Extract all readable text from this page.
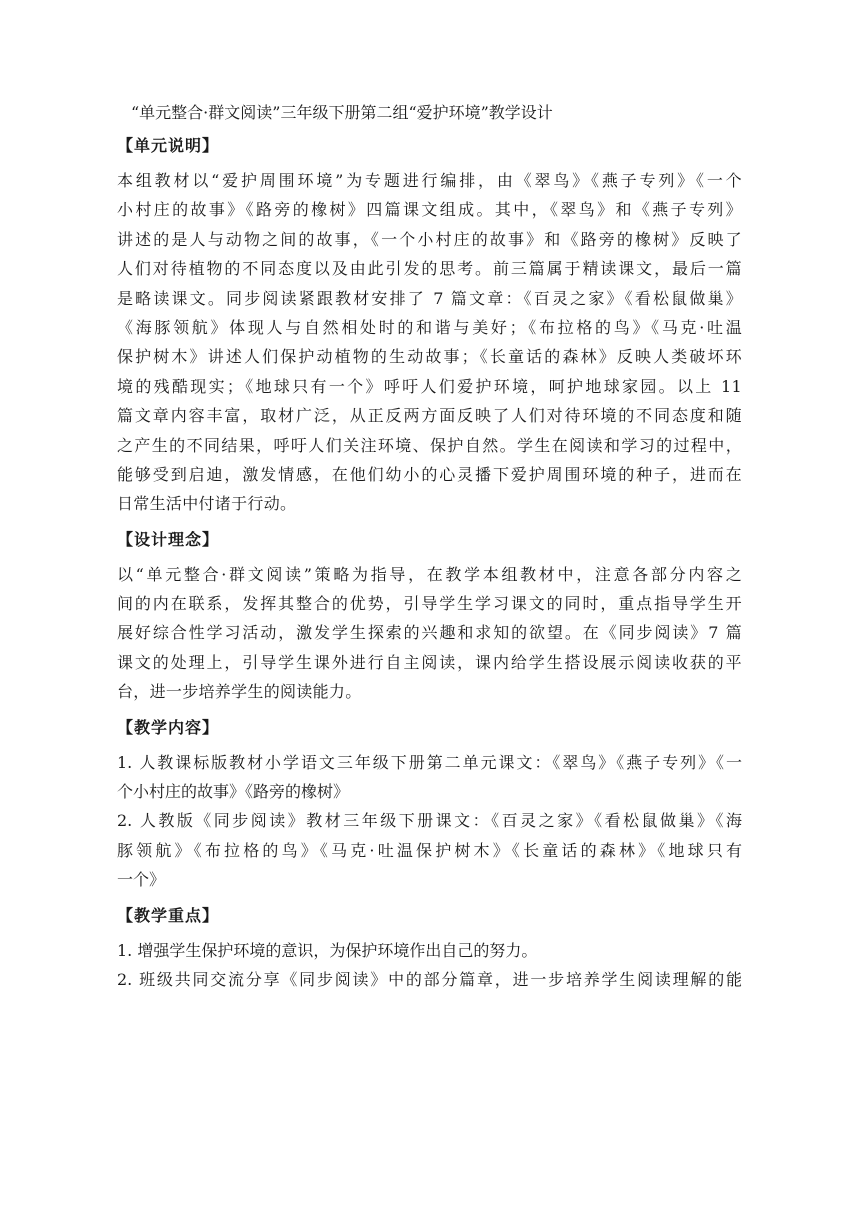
“单元整合·群文阅读”三年级下册第二组“爱护环境”教学设计
【单元说明】
本组教材以“爱护周围环境”为专题进行编排，由《翠鸟》《燕子专列》《一个
小村庄的故事》《路旁的橡树》四篇课文组成。其中，《翠鸟》和《燕子专列》
讲述的是人与动物之间的故事，《一个小村庄的故事》和《路旁的橡树》反映了
人们对待植物的不同态度以及由此引发的思考。前三篇属于精读课文，最后一篇
是略读课文。同步阅读紧跟教材安排了 7 篇文章：《百灵之家》《看松鼠做巢》
《海豚领航》体现人与自然相处时的和谐与美好；《布拉格的鸟》《马克·吐温
保护树木》讲述人们保护动植物的生动故事；《长童话的森林》反映人类破坏环
境的残酷现实；《地球只有一个》呼吁人们爱护环境，呵护地球家园。以上 11
篇文章内容丰富，取材广泛，从正反两方面反映了人们对待环境的不同态度和随
之产生的不同结果，呼吁人们关注环境、保护自然。学生在阅读和学习的过程中，
能够受到启迪，激发情感，在他们幼小的心灵播下爱护周围环境的种子，进而在
日常生活中付诸于行动。
【设计理念】
以“单元整合·群文阅读”策略为指导，在教学本组教材中，注意各部分内容之
间的内在联系，发挥其整合的优势，引导学生学习课文的同时，重点指导学生开
展好综合性学习活动，激发学生探索的兴趣和求知的欲望。在《同步阅读》7 篇
课文的处理上，引导学生课外进行自主阅读，课内给学生搭设展示阅读收获的平
台，进一步培养学生的阅读能力。
【教学内容】
1. 人教课标版教材小学语文三年级下册第二单元课文：《翠鸟》《燕子专列》《一
个小村庄的故事》《路旁的橡树》
2. 人教版《同步阅读》教材三年级下册课文：《百灵之家》《看松鼠做巢》《海
豚领航》《布拉格的鸟》《马克·吐温保护树木》《长童话的森林》《地球只有
一个》
【教学重点】
1. 增强学生保护环境的意识，为保护环境作出自己的努力。
2. 班级共同交流分享《同步阅读》中的部分篇章，进一步培养学生阅读理解的能
